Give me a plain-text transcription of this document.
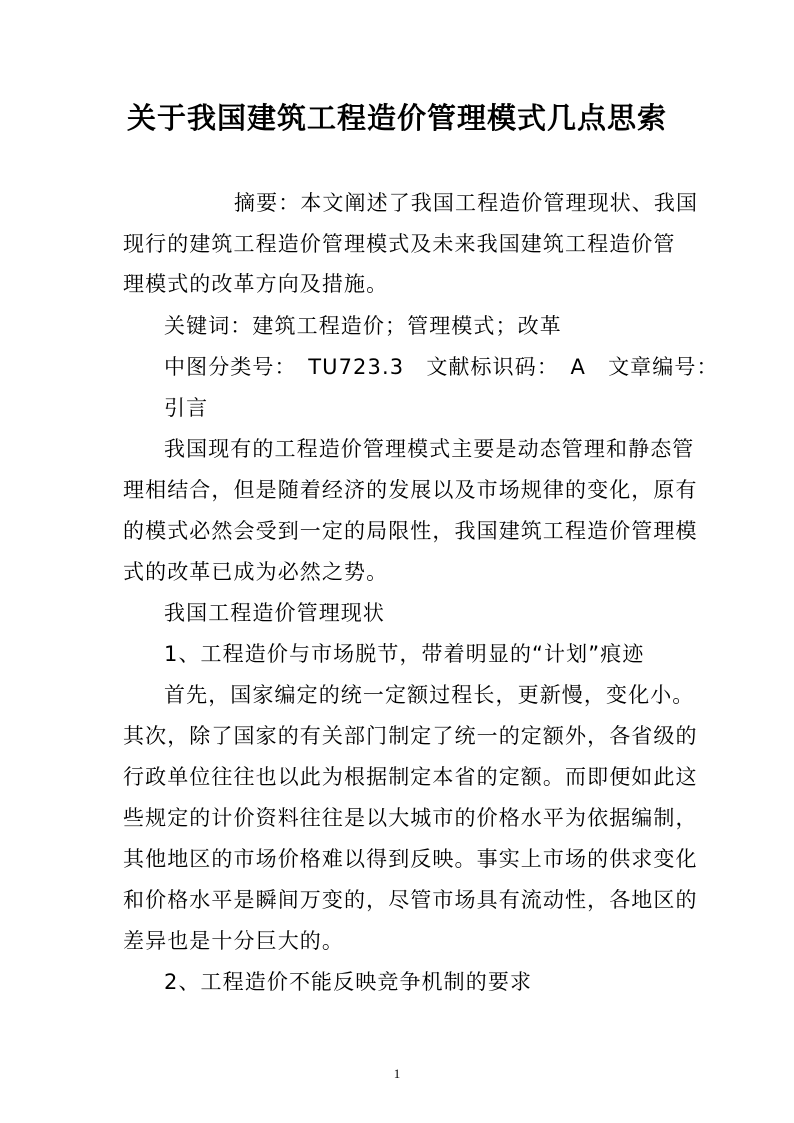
关于我国建筑工程造价管理模式几点思索
摘要：本文阐述了我国工程造价管理现状、我国
现行的建筑工程造价管理模式及未来我国建筑工程造价管
理模式的改革方向及措施。
关键词：建筑工程造价；管理模式；改革
中图分类号：　TU723.3　文献标识码：　A　文章编号：
引言
我国现有的工程造价管理模式主要是动态管理和静态管
理相结合，但是随着经济的发展以及市场规律的变化，原有
的模式必然会受到一定的局限性，我国建筑工程造价管理模
式的改革已成为必然之势。
我国工程造价管理现状
1、工程造价与市场脱节，带着明显的“计划”痕迹
首先，国家编定的统一定额过程长，更新慢，变化小。
其次，除了国家的有关部门制定了统一的定额外，各省级的
行政单位往往也以此为根据制定本省的定额。而即便如此这
些规定的计价资料往往是以大城市的价格水平为依据编制，
其他地区的市场价格难以得到反映。事实上市场的供求变化
和价格水平是瞬间万变的，尽管市场具有流动性，各地区的
差异也是十分巨大的。
2、工程造价不能反映竞争机制的要求
1
